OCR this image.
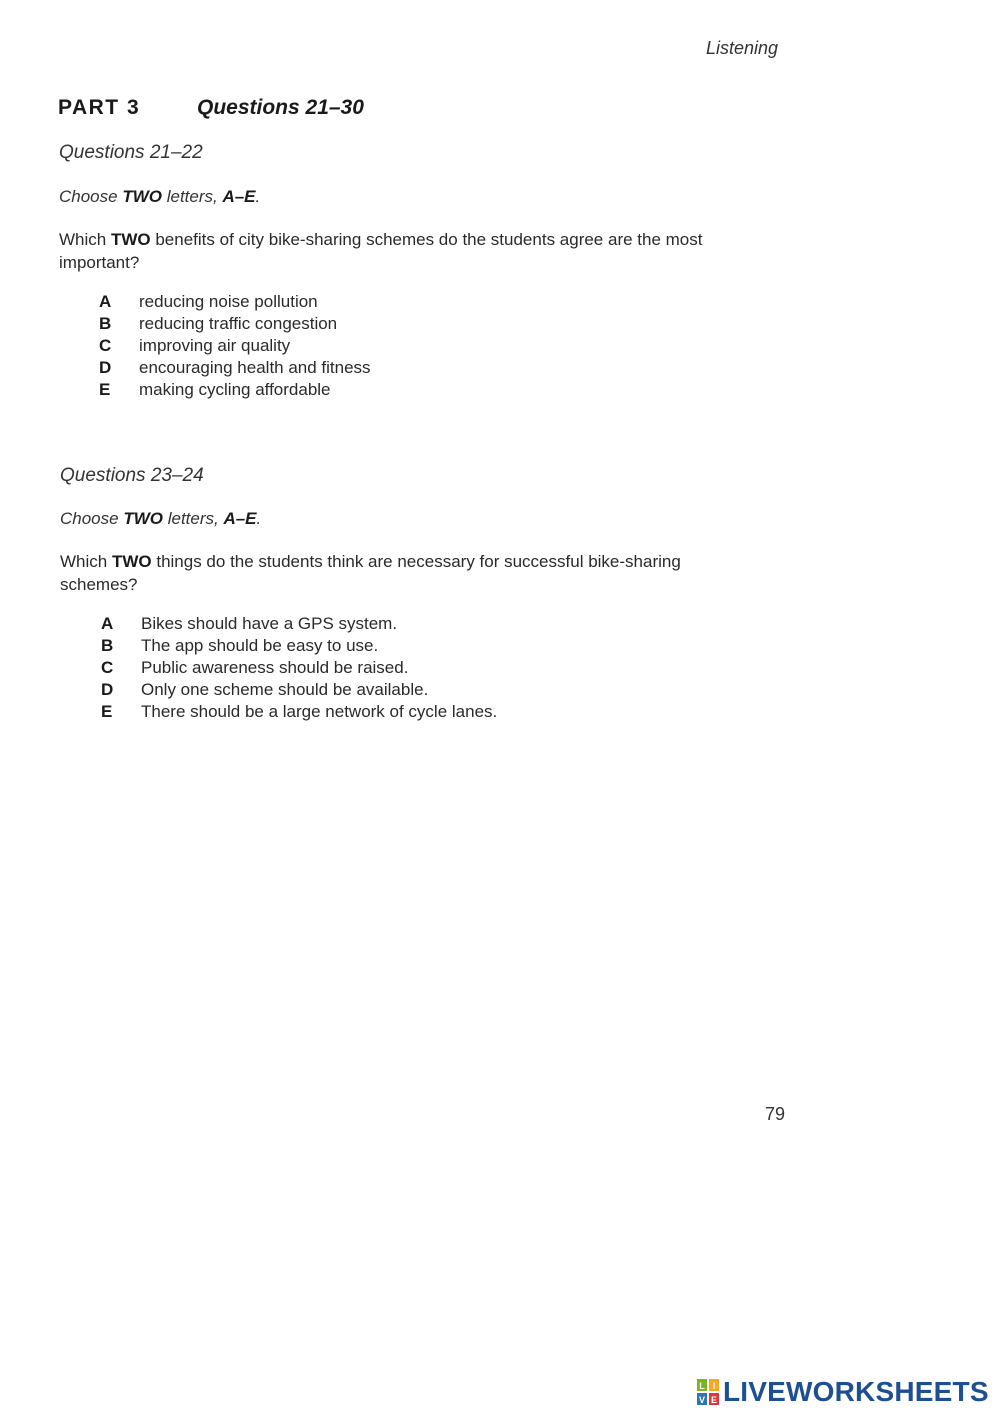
Listening
PART 3	Questions 21–30
Questions 21–22
Choose TWO letters, A–E.
Which TWO benefits of city bike-sharing schemes do the students agree are the most important?
A	reducing noise pollution
B	reducing traffic congestion
C	improving air quality
D	encouraging health and fitness
E	making cycling affordable
Questions 23–24
Choose TWO letters, A–E.
Which TWO things do the students think are necessary for successful bike-sharing schemes?
A	Bikes should have a GPS system.
B	The app should be easy to use.
C	Public awareness should be raised.
D	Only one scheme should be available.
E	There should be a large network of cycle lanes.
79
L I
V E LIVEWORKSHEETS
